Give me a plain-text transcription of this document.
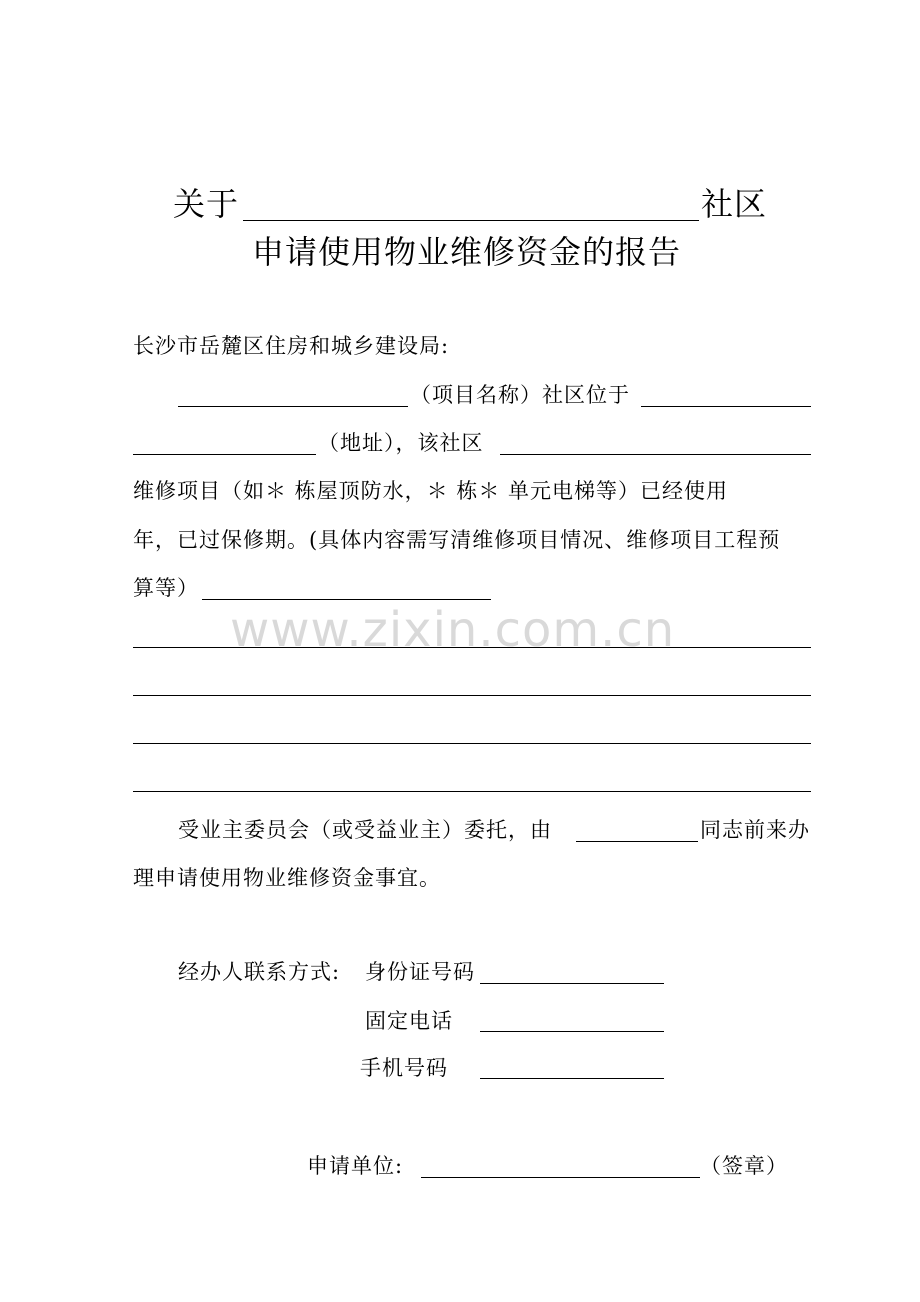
关于	社区
申请使用物业维修资金的报告
长沙市岳麓区住房和城乡建设局:
（项目名称）社区位于
（地址），该社区
维修项目（如＊ 栋屋顶防水，＊ 栋＊ 单元电梯等）已经使用
年，已过保修期。(具体内容需写清维修项目情况、维修项目工程预
算等）
www.zixin.com.cn
受业主委员会（或受益业主）委托，由	同志前来办
理申请使用物业维修资金事宜。
经办人联系方式: 身份证号码
固定电话
手机号码
申请单位:	（签章）
